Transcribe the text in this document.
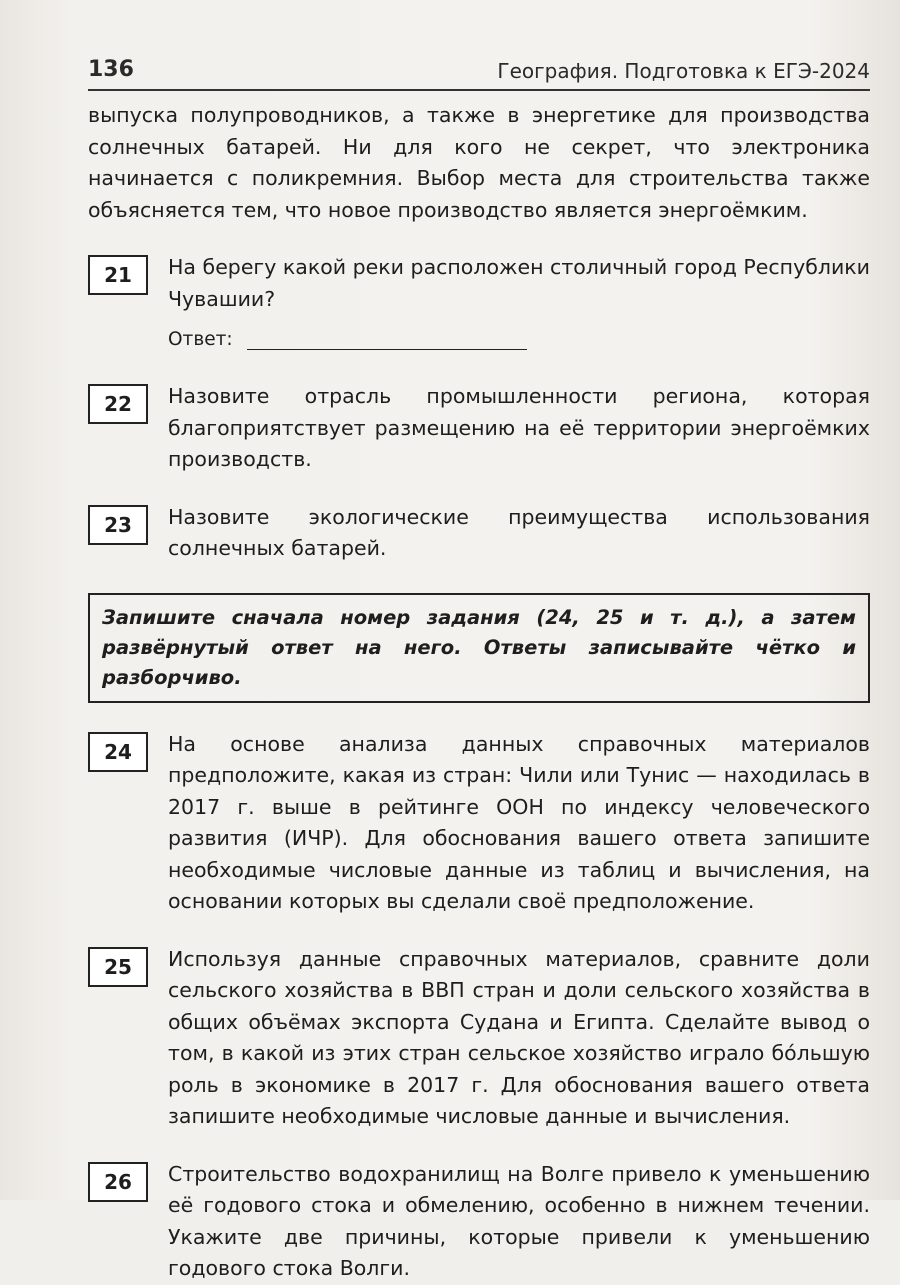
136	География. Подготовка к ЕГЭ-2024

выпуска полупроводников, а также в энергетике для производства солнечных батарей. Ни для кого не секрет, что электроника начинается с поликремния. Выбор места для строительства также объясняется тем, что новое производство является энергоёмким.

21	На берегу какой реки расположен столичный город Республики Чувашии?

Ответ:
22	Назовите отрасль промышленности региона, которая благоприятствует размещению на её территории энергоёмких производств.

23	Назовите экологические преимущества использования солнечных батарей.

Запишите сначала номер задания (24, 25 и т. д.), а затем развёрнутый ответ на него. Ответы записывайте чётко и разборчиво.
24	На основе анализа данных справочных материалов предположите, какая из стран: Чили или Тунис — находилась в 2017 г. выше в рейтинге ООН по индексу человеческого развития (ИЧР). Для обоснования вашего ответа запишите необходимые числовые данные из таблиц и вычисления, на основании которых вы сделали своё предположение.

25	Используя данные справочных материалов, сравните доли сельского хозяйства в ВВП стран и доли сельского хозяйства в общих объёмах экспорта Судана и Египта. Сделайте вывод о том, в какой из этих стран сельское хозяйство играло бо́льшую роль в экономике в 2017 г. Для обоснования вашего ответа запишите необходимые числовые данные и вычисления.

26	Строительство водохранилищ на Волге привело к уменьшению её годового стока и обмелению, особенно в нижнем течении. Укажите две причины, которые привели к уменьшению годового стока Волги.
